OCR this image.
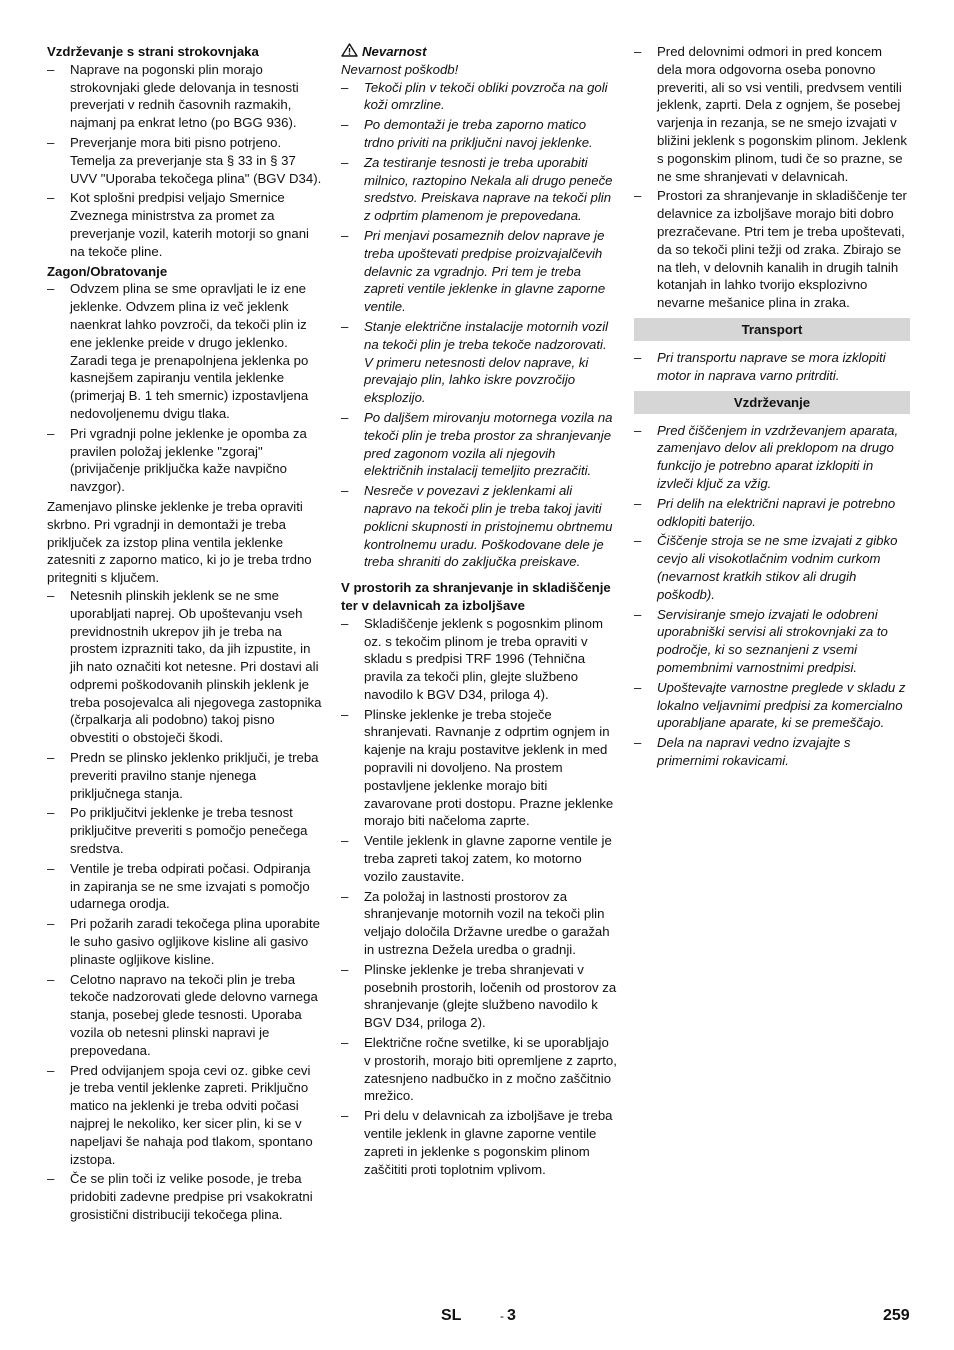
Vzdrževanje s strani strokovnjaka

– Naprave na pogonski plin morajo strokovnjaki glede delovanja in tesnosti preverjati v rednih časovnih razmakih, najmanj pa enkrat letno (po BGG 936).
– Preverjanje mora biti pisno potrjeno. Temelja za preverjanje sta § 33 in § 37 UVV "Uporaba tekočega plina" (BGV D34).
– Kot splošni predpisi veljajo Smernice Zveznega ministrstva za promet za preverjanje vozil, katerih motorji so gnani na tekoče pline.

Zagon/Obratovanje

– Odvzem plina se sme opravljati le iz ene jeklenke. Odvzem plina iz več jeklenk naenkrat lahko povzroči, da tekoči plin iz ene jeklenke preide v drugo jeklenko. Zaradi tega je prenapolnjena jeklenka po kasnejšem zapiranju ventila jeklenke (primerjaj B. 1 teh smernic) izpostavljena nedovoljenemu dvigu tlaka.
– Pri vgradnji polne jeklenke je opomba za pravilen položaj jeklenke "zgoraj" (privijačenje priključka kaže navpično navzgor).

Zamenjavo plinske jeklenke je treba opraviti skrbno. Pri vgradnji in demontaži je treba priključek za izstop plina ventila jeklenke zatesniti z zaporno matico, ki jo je treba trdno pritegniti s ključem.

– Netesnih plinskih jeklenk se ne sme uporabljati naprej. Ob upoštevanju vseh previdnostnih ukrepov jih je treba na prostem izprazniti tako, da jih izpustite, in jih nato označiti kot netesne. Pri dostavi ali odpremi poškodovanih plinskih jeklenk je treba posojevalca ali njegovega zastopnika (črpalkarja ali podobno) takoj pisno obvestiti o obstoječi škodi.
– Predn se plinsko jeklenko priključi, je treba preveriti pravilno stanje njenega priključnega stanja.
– Po priključitvi jeklenke je treba tesnost priključitve preveriti s pomočjo penečega sredstva.
– Ventile je treba odpirati počasi. Odpiranja in zapiranja se ne sme izvajati s pomočjo udarnega orodja.
– Pri požarih zaradi tekočega plina uporabite le suho gasivo ogljikove kisline ali gasivo plinaste ogljikove kisline.
– Celotno napravo na tekoči plin je treba tekoče nadzorovati glede delovno varnega stanja, posebej glede tesnosti. Uporaba vozila ob netesni plinski napravi je prepovedana.
– Pred odvijanjem spoja cevi oz. gibke cevi je treba ventil jeklenke zapreti. Priključno matico na jeklenki je treba odviti počasi najprej le nekoliko, ker sicer plin, ki se v napeljavi še nahaja pod tlakom, spontano izstopa.
– Če se plin toči iz velike posode, je treba pridobiti zadevne predpise pri vsakokratni grosistični distribuciji tekočega plina.

Nevarnost

Nevarnost poškodb!

– Tekoči plin v tekoči obliki povzroča na goli koži omrzline.
– Po demontaži je treba zaporno matico trdno priviti na priključni navoj jeklenke.
– Za testiranje tesnosti je treba uporabiti milnico, raztopino Nekala ali drugo peneče sredstvo. Preiskava naprave na tekoči plin z odprtim plamenom je prepovedana.
– Pri menjavi posameznih delov naprave je treba upoštevati predpise proizvajalčevih delavnic za vgradnjo. Pri tem je treba zapreti ventile jeklenke in glavne zaporne ventile.
– Stanje električne instalacije motornih vozil na tekoči plin je treba tekoče nadzorovati. V primeru netesnosti delov naprave, ki prevajajo plin, lahko iskre povzročijo eksplozijo.
– Po daljšem mirovanju motornega vozila na tekoči plin je treba prostor za shranjevanje pred zagonom vozila ali njegovih električnih instalacij temeljito prezračiti.
– Nesreče v povezavi z jeklenkami ali napravo na tekoči plin je treba takoj javiti poklicni skupnosti in pristojnemu obrtnemu kontrolnemu uradu. Poškodovane dele je treba shraniti do zaključka preiskave.

V prostorih za shranjevanje in skladiščenje ter v delavnicah za izboljšave

– Skladiščenje jeklenk s pogosnkim plinom oz. s tekočim plinom je treba opraviti v skladu s predpisi TRF 1996 (Tehnična pravila za tekoči plin, glejte službeno navodilo k BGV D34, priloga 4).
– Plinske jeklenke je treba stoječe shranjevati. Ravnanje z odprtim ognjem in kajenje na kraju postavitve jeklenk in med popravili ni dovoljeno. Na prostem postavljene jeklenke morajo biti zavarovane proti dostopu. Prazne jeklenke morajo biti načeloma zaprte.
– Ventile jeklenk in glavne zaporne ventile je treba zapreti takoj zatem, ko motorno vozilo zaustavite.
– Za položaj in lastnosti prostorov za shranjevanje motornih vozil na tekoči plin veljajo določila Državne uredbe o garažah in ustrezna Dežela uredba o gradnji.
– Plinske jeklenke je treba shranjevati v posebnih prostorih, ločenih od prostorov za shranjevanje (glejte službeno navodilo k BGV D34, priloga 2).
– Električne ročne svetilke, ki se uporabljajo v prostorih, morajo biti opremljene z zaprto, zatesnjeno nadbučko in z močno zaščitnio mrežico.
– Pri delu v delavnicah za izboljšave je treba ventile jeklenk in glavne zaporne ventile zapreti in jeklenke s pogonskim plinom zaščititi proti toplotnim vplivom.
– Pred delovnimi odmori in pred koncem dela mora odgovorna oseba ponovno preveriti, ali so vsi ventili, predvsem ventili jeklenk, zaprti. Dela z ognjem, še posebej varjenja in rezanja, se ne smejo izvajati v bližini jeklenk s pogonskim plinom. Jeklenk s pogonskim plinom, tudi če so prazne, se ne sme shranjevati v delavnicah.
– Prostori za shranjevanje in skladiščenje ter delavnice za izboljšave morajo biti dobro prezračevane. Ptri tem je treba upoštevati, da so tekoči plini težji od zraka. Zbirajo se na tleh, v delovnih kanalih in drugih talnih kotanjah in lahko tvorijo eksplozivno nevarne mešanice plina in zraka.
Transport
– Pri transportu naprave se mora izklopiti motor in naprava varno pritrditi.
Vzdrževanje
– Pred čiščenjem in vzdrževanjem aparata, zamenjavo delov ali preklopom na drugo funkcijo je potrebno aparat izklopiti in izvleči ključ za vžig.
– Pri delih na električni napravi je potrebno odklopiti baterijo.
– Čiščenje stroja se ne sme izvajati z gibko cevjo ali visokotlačnim vodnim curkom (nevarnost kratkih stikov ali drugih poškodb).
– Servisiranje smejo izvajati le odobreni uporabniški servisi ali strokovnjaki za to področje, ki so seznanjeni z vsemi pomembnimi varnostnimi predpisi.
– Upoštevajte varnostne preglede v skladu z lokalno veljavnimi predpisi za komercialno uporabljane aparate, ki se premeščajo.
– Dela na napravi vedno izvajajte s primernimi rokavicami.
SL	- 3	259
